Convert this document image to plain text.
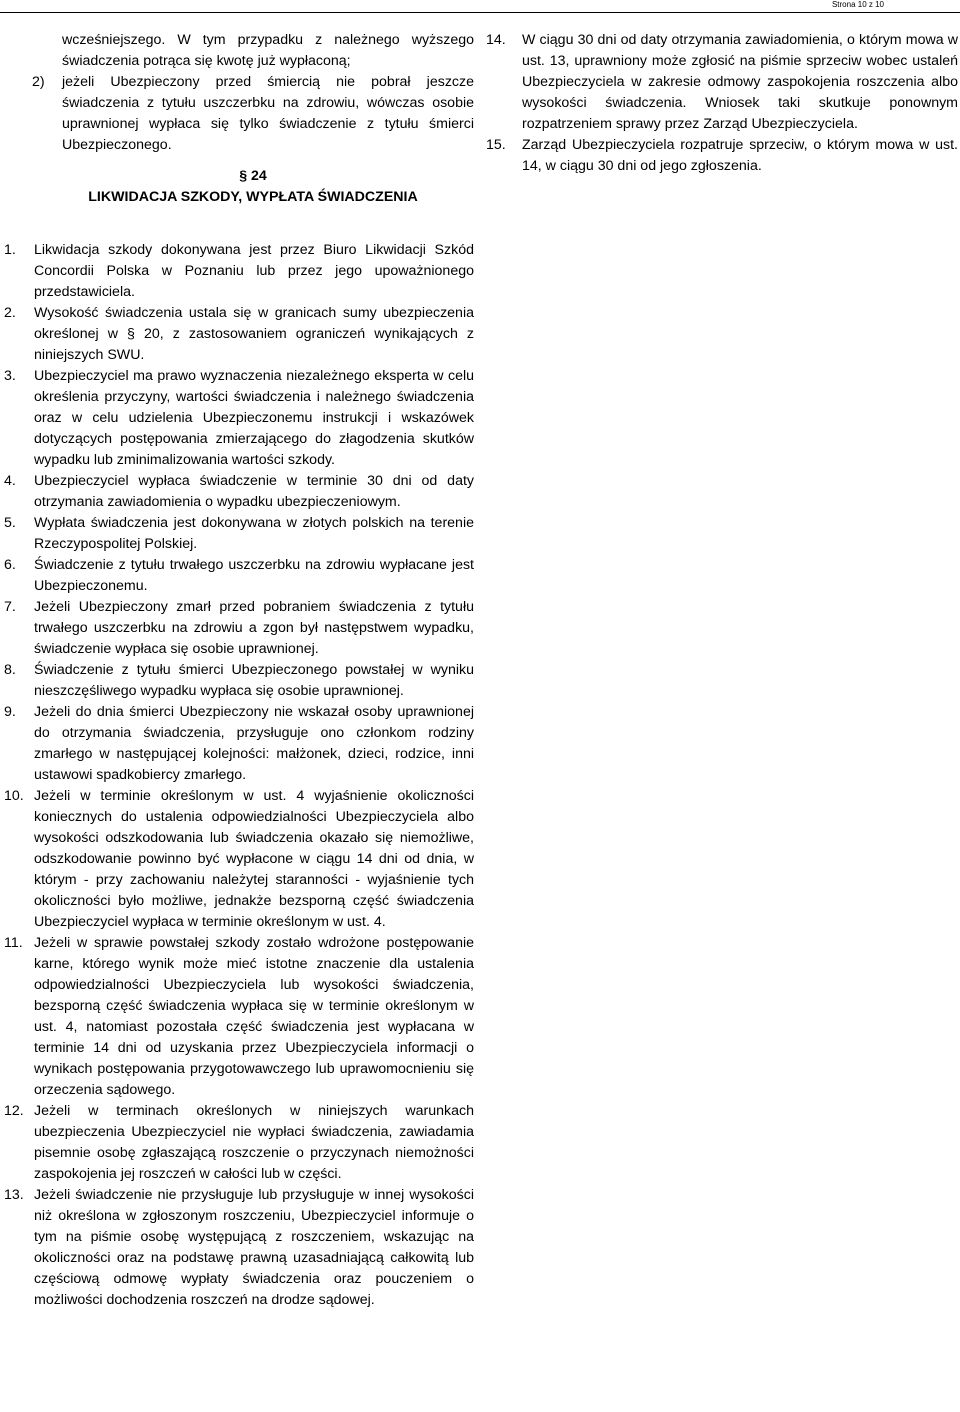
Strona 10 z 10

wcześniejszego. W tym przypadku z należnego wyższego świadczenia potrąca się kwotę już wypłaconą;

2) jeżeli Ubezpieczony przed śmiercią nie pobrał jeszcze świadczenia z tytułu uszczerbku na zdrowiu, wówczas osobie uprawnionej wypłaca się tylko świadczenie z tytułu śmierci Ubezpieczonego.
§ 24
LIKWIDACJA SZKODY, WYPŁATA ŚWIADCZENIA
14. W ciągu 30 dni od daty otrzymania zawiadomienia, o którym mowa w ust. 13, uprawniony może zgłosić na piśmie sprzeciw wobec ustaleń Ubezpieczyciela w zakresie odmowy zaspokojenia roszczenia albo wysokości świadczenia. Wniosek taki skutkuje ponownym rozpatrzeniem sprawy przez Zarząd Ubezpieczyciela.
15. Zarząd Ubezpieczyciela rozpatruje sprzeciw, o którym mowa w ust. 14, w ciągu 30 dni od jego zgłoszenia.
1. Likwidacja szkody dokonywana jest przez Biuro Likwidacji Szkód Concordii Polska w Poznaniu lub przez jego upoważnionego przedstawiciela.
2. Wysokość świadczenia ustala się w granicach sumy ubezpieczenia określonej w § 20, z zastosowaniem ograniczeń wynikających z niniejszych SWU.
3. Ubezpieczyciel ma prawo wyznaczenia niezależnego eksperta w celu określenia przyczyny, wartości świadczenia i należnego świadczenia oraz w celu udzielenia Ubezpieczonemu instrukcji i wskazówek dotyczących postępowania zmierzającego do złagodzenia skutków wypadku lub zminimalizowania wartości szkody.
4. Ubezpieczyciel wypłaca świadczenie w terminie 30 dni od daty otrzymania zawiadomienia o wypadku ubezpieczeniowym.
5. Wypłata świadczenia jest dokonywana w złotych polskich na terenie Rzeczypospolitej Polskiej.
6. Świadczenie z tytułu trwałego uszczerbku na zdrowiu wypłacane jest Ubezpieczonemu.
7. Jeżeli Ubezpieczony zmarł przed pobraniem świadczenia z tytułu trwałego uszczerbku na zdrowiu a zgon był następstwem wypadku, świadczenie wypłaca się osobie uprawnionej.
8. Świadczenie z tytułu śmierci Ubezpieczonego powstałej w wyniku nieszczęśliwego wypadku wypłaca się osobie uprawnionej.
9. Jeżeli do dnia śmierci Ubezpieczony nie wskazał osoby uprawnionej do otrzymania świadczenia, przysługuje ono członkom rodziny zmarłego w następującej kolejności: małżonek, dzieci, rodzice, inni ustawowi spadkobiercy zmarłego.
10. Jeżeli w terminie określonym w ust. 4 wyjaśnienie okoliczności koniecznych do ustalenia odpowiedzialności Ubezpieczyciela albo wysokości odszkodowania lub świadczenia okazało się niemożliwe, odszkodowanie powinno być wypłacone w ciągu 14 dni od dnia, w którym - przy zachowaniu należytej staranności - wyjaśnienie tych okoliczności było możliwe, jednakże bezsporną część świadczenia Ubezpieczyciel wypłaca w terminie określonym w ust. 4.
11. Jeżeli w sprawie powstałej szkody zostało wdrożone postępowanie karne, którego wynik może mieć istotne znaczenie dla ustalenia odpowiedzialności Ubezpieczyciela lub wysokości świadczenia, bezsporną część świadczenia wypłaca się w terminie określonym w ust. 4, natomiast pozostała część świadczenia jest wypłacana w terminie 14 dni od uzyskania przez Ubezpieczyciela informacji o wynikach postępowania przygotowawczego lub uprawomocnieniu się orzeczenia sądowego.
12. Jeżeli w terminach określonych w niniejszych warunkach ubezpieczenia Ubezpieczyciel nie wypłaci świadczenia, zawiadamia pisemnie osobę zgłaszającą roszczenie o przyczynach niemożności zaspokojenia jej roszczeń w całości lub w części.
13. Jeżeli świadczenie nie przysługuje lub przysługuje w innej wysokości niż określona w zgłoszonym roszczeniu, Ubezpieczyciel informuje o tym na piśmie osobę występującą z roszczeniem, wskazując na okoliczności oraz na podstawę prawną uzasadniającą całkowitą lub częściową odmowę wypłaty świadczenia oraz pouczeniem o możliwości dochodzenia roszczeń na drodze sądowej.
